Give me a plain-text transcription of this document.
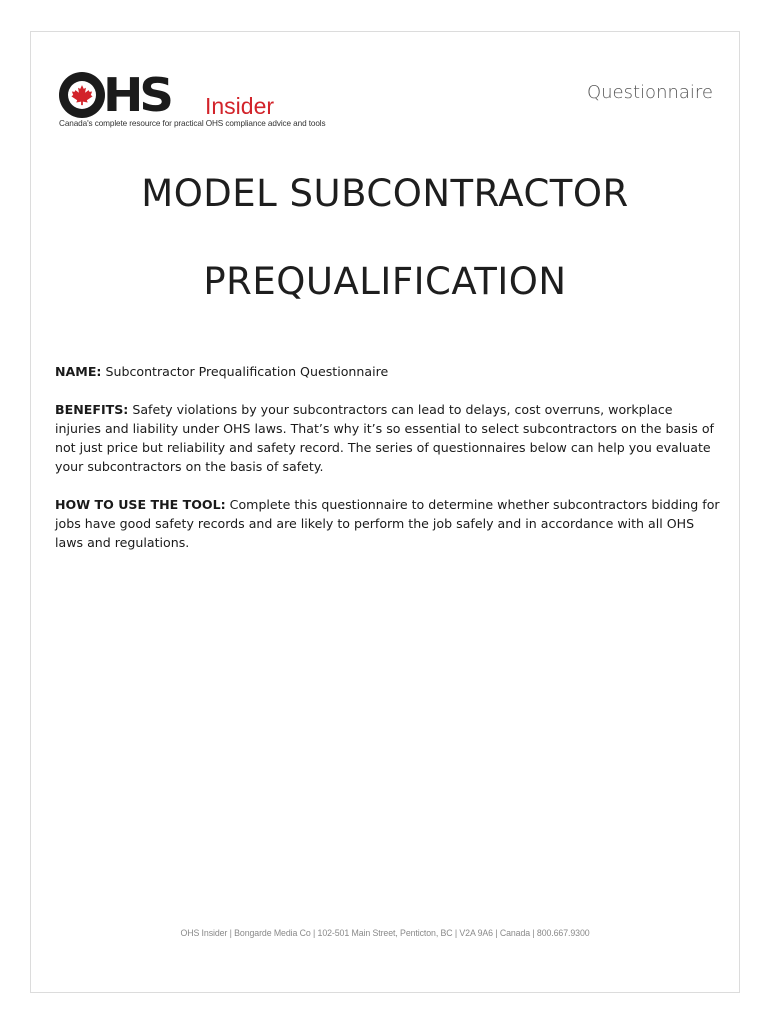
HS Insider
Canada's complete resource for practical OHS compliance advice and tools
Questionnaire
MODEL SUBCONTRACTOR
PREQUALIFICATION

NAME: Subcontractor Prequalification Questionnaire

BENEFITS: Safety violations by your subcontractors can lead to delays, cost overruns, workplace injuries and liability under OHS laws. That’s why it’s so essential to select subcontractors on the basis of not just price but reliability and safety record. The series of questionnaires below can help you evaluate your subcontractors on the basis of safety.

HOW TO USE THE TOOL: Complete this questionnaire to determine whether subcontractors bidding for jobs have good safety records and are likely to perform the job safely and in accordance with all OHS laws and regulations.

OHS Insider | Bongarde Media Co | 102-501 Main Street, Penticton, BC | V2A 9A6 | Canada | 800.667.9300
